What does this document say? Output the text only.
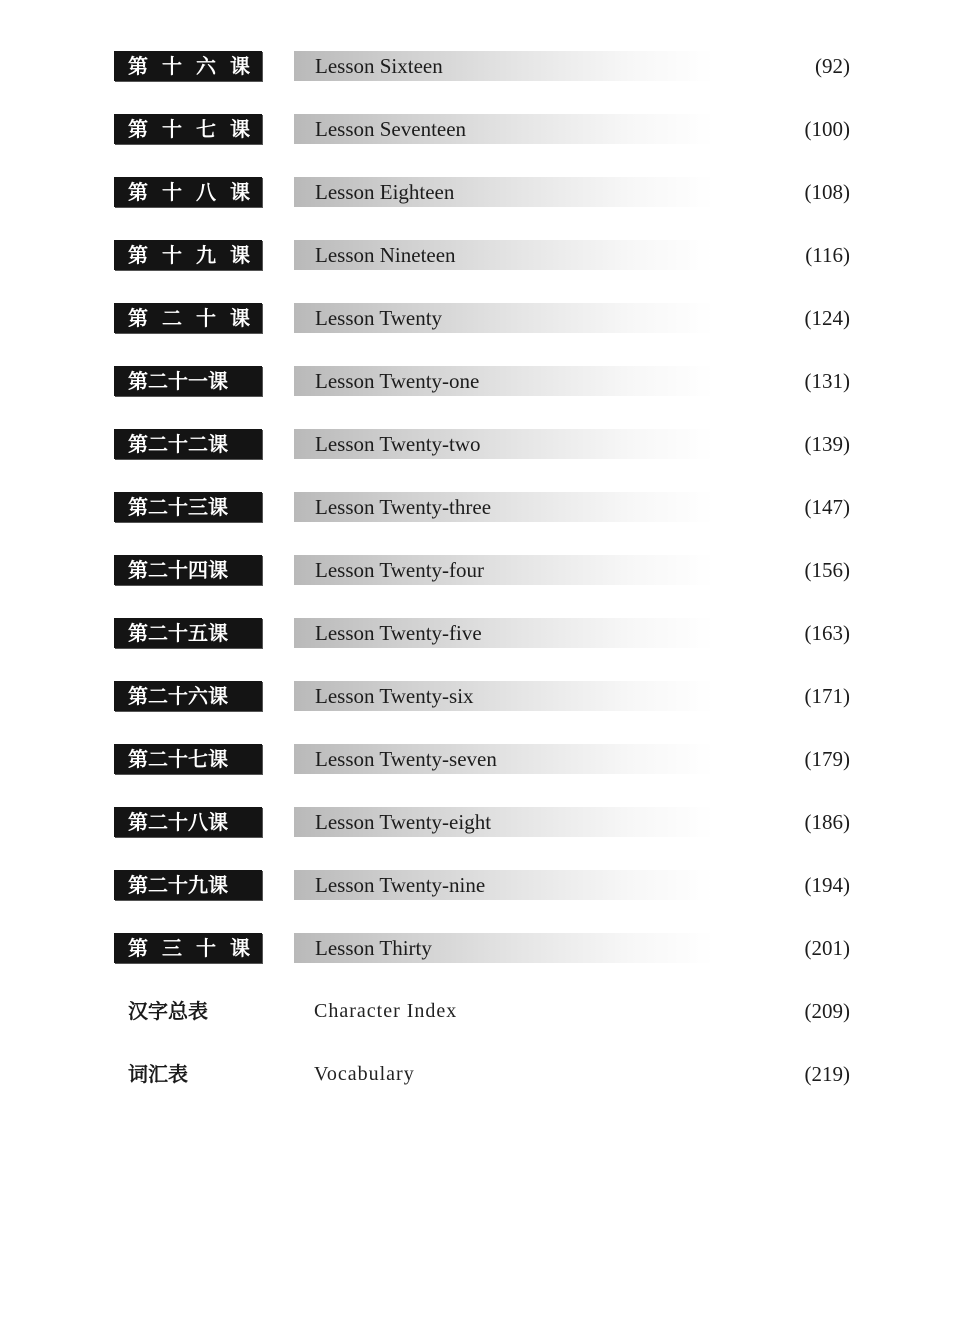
第 十 六 课	Lesson Sixteen	(92)
第 十 七 课	Lesson Seventeen	(100)
第 十 八 课	Lesson Eighteen	(108)
第 十 九 课	Lesson Nineteen	(116)
第 二 十 课	Lesson Twenty	(124)
第二十一课	Lesson Twenty-one	(131)
第二十二课	Lesson Twenty-two	(139)
第二十三课	Lesson Twenty-three	(147)
第二十四课	Lesson Twenty-four	(156)
第二十五课	Lesson Twenty-five	(163)
第二十六课	Lesson Twenty-six	(171)
第二十七课	Lesson Twenty-seven	(179)
第二十八课	Lesson Twenty-eight	(186)
第二十九课	Lesson Twenty-nine	(194)
第 三 十 课	Lesson Thirty	(201)
汉字总表	Character Index	(209)
词汇表	Vocabulary	(219)
